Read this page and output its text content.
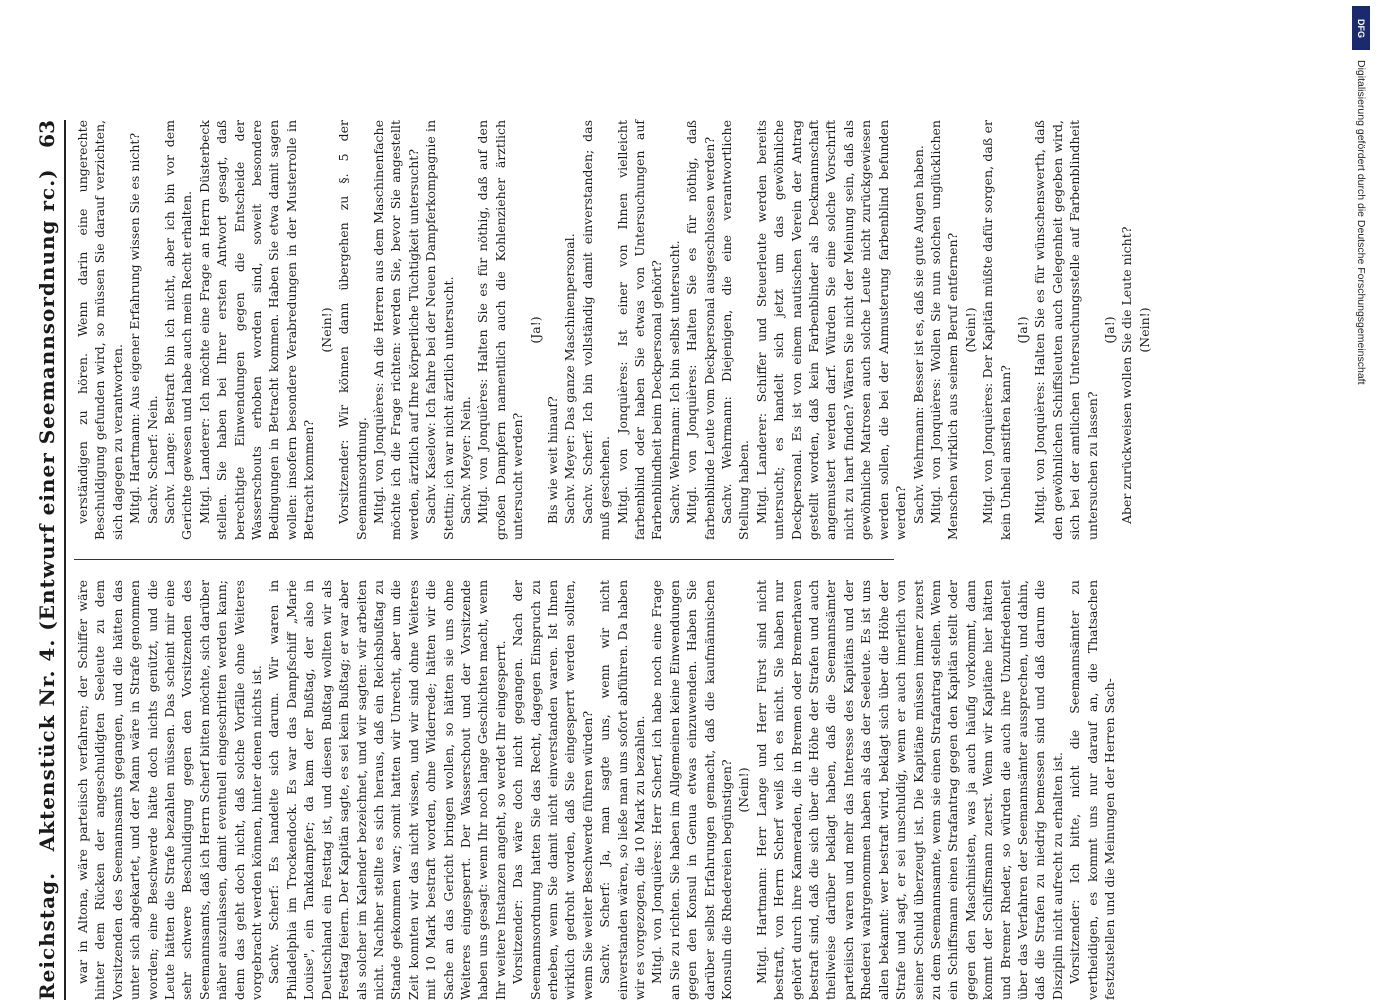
DFG
Digitalisierung gefördert durch die Deutsche Forschungsgemeinschaft
Reichstag.
Aktenstück Nr. 4. (Entwurf einer Seemannsordnung rc.)
63

war in Altona, wäre parteiisch verfahren; der Schiffer wäre hinter dem Rücken der angeschuldigten Seeleute zu dem Vorsitzenden des Seemannsamts gegangen, und die hätten das unter sich abgekartet, und der Mann wäre in Strafe genommen worden; eine Beschwerde hätte doch nichts genützt, und die Leute hätten die Strafe bezahlen müssen. Das scheint mir eine sehr schwere Beschuldigung gegen den Vorsitzenden des Seemannsamts, daß ich Herrn Scherf bitten möchte, sich darüber näher auszulassen, damit eventuell eingeschritten werden kann; denn das geht doch nicht, daß solche Vorfälle ohne Weiteres vorgebracht werden können, hinter denen nichts ist. Sachv. Scherf: Es handelte sich darum. Wir waren in Philadelphia im Trockendock. Es war das Dampfschiff „Marie Louise", ein Tankdampfer; da kam der Bußtag, der also in Deutschland ein Festtag ist, und diesen Bußtag wollten wir als Festtag feiern. Der Kapitän sagte, es sei kein Bußtag; er war aber als solcher im Kalender bezeichnet, und wir sagten: wir arbeiten nicht. Nachher stellte es sich heraus, daß ein Reichsbußtag zu Stande gekommen war; somit hatten wir Unrecht, aber um die Zeit konnten wir das nicht wissen, und wir sind ohne Weiteres mit 10 Mark bestraft worden, ohne Widerrede; hätten wir die Sache an das Gericht bringen wollen, so hätten sie uns ohne Weiteres eingesperrt. Der Wasserschout und der Vorsitzende haben uns gesagt: wenn Ihr noch lange Geschichten macht, wenn Ihr weitere Instanzen angeht, so werdet Ihr eingesperrt. Vorsitzender: Das wäre doch nicht gegangen. Nach der Seemannsordnung hatten Sie das Recht, dagegen Einspruch zu erheben, wenn Sie damit nicht einverstanden waren. Ist Ihnen wirklich gedroht worden, daß Sie eingesperrt werden sollten, wenn Sie weiter Beschwerde führen würden? Sachv. Scherf: Ja, man sagte uns, wenn wir nicht einverstanden wären, so ließe man uns sofort abführen. Da haben wir es vorgezogen, die 10 Mark zu bezahlen. Mitgl. von Jonquières: Herr Scherf, ich habe noch eine Frage an Sie zu richten. Sie haben im Allgemeinen keine Einwendungen gegen den Konsul in Genua etwas einzuwenden. Haben Sie darüber selbst Erfahrungen gemacht, daß die kaufmännischen Konsuln die Rhedereien begünstigen? (Nein!) Mitgl. Hartmann: Herr Lange und Herr Fürst sind nicht bestraft, von Herrn Scherf weiß ich es nicht. Sie haben nur gehört durch ihre Kameraden, die in Bremen oder Bremerhaven bestraft sind, daß die sich über die Höhe der Strafen und auch theilweise darüber beklagt haben, daß die Seemannsämter parteiisch waren und mehr das Interesse des Kapitäns und der Rhederei wahrgenommen haben als das der Seeleute. Es ist uns allen bekannt: wer bestraft wird, beklagt sich über die Höhe der Strafe und sagt, er sei unschuldig, wenn er auch innerlich von seiner Schuld überzeugt ist. Die Kapitäne müssen immer zuerst zu dem Seemannsamte, wenn sie einen Strafantrag stellen. Wenn ein Schiffsmann einen Strafantrag gegen den Kapitän stellt oder gegen den Maschinisten, was ja auch häufig vorkommt, dann kommt der Schiffsmann zuerst. Wenn wir Kapitäne hier hätten und Bremer Rheder, so würden die auch ihre Unzufriedenheit über das Verfahren der Seemannsämter aussprechen, und dahin, daß die Strafen zu niedrig bemessen sind und daß darum die Disziplin nicht aufrecht zu erhalten ist. Vorsitzender: Ich bitte, nicht die Seemannsämter zu vertheidigen, es kommt uns nur darauf an, die Thatsachen festzustellen und die Meinungen der Herren Sach-

verständigen zu hören. Wenn darin eine ungerechte Beschuldigung gefunden wird, so müssen Sie darauf verzichten, sich dagegen zu verantworten. Mitgl. Hartmann: Aus eigener Erfahrung wissen Sie es nicht? Sachv. Scherf: Nein. Sachv. Lange: Bestraft bin ich nicht, aber ich bin vor dem Gerichte gewesen und habe auch mein Recht erhalten. Mitgl. Landerer: Ich möchte eine Frage an Herrn Düsterbeck stellen. Sie haben bei Ihrer ersten Antwort gesagt, daß berechtigte Einwendungen gegen die Entscheide der Wasserschouts erhoben worden sind, soweit besondere Bedingungen in Betracht kommen. Haben Sie etwa damit sagen wollen: insofern besondere Verabredungen in der Musterrolle in Betracht kommen?

(Nein!) Vorsitzender: Wir können dann übergehen zu §. 5 der Seemannsordnung. Mitgl. von Jonquières: An die Herren aus dem Maschinenfache möchte ich die Frage richten: werden Sie, bevor Sie angestellt werden, ärztlich auf Ihre körperliche Tüchtigkeit untersucht? Sachv. Kaselow: Ich fahre bei der Neuen Dampferkompagnie in Stettin; ich war nicht ärztlich untersucht. Sachv. Meyer: Nein. Mitgl. von Jonquières: Halten Sie es für nöthig, daß auf den großen Dampfern namentlich auch die Kohlenzieher ärztlich untersucht werden?

(Ja!)

Bis wie weit hinauf? Sachv. Meyer: Das ganze Maschinenpersonal. Sachv. Scherf: Ich bin vollständig damit einverstanden; das muß geschehen. Mitgl. von Jonquières: Ist einer von Ihnen vielleicht farbenblind oder haben Sie etwas von Untersuchungen auf Farbenblindheit beim Deckpersonal gehört? Sachv. Wehrmann: Ich bin selbst untersucht. Mitgl. von Jonquières: Halten Sie es für nöthig, daß farbenblinde Leute vom Deckpersonal ausgeschlossen werden? Sachv. Wehrmann: Diejenigen, die eine verantwortliche Stellung haben. Mitgl. Landerer: Schiffer und Steuerleute werden bereits untersucht; es handelt sich jetzt um das gewöhnliche Deckpersonal. Es ist von einem nautischen Verein der Antrag gestellt worden, daß kein Farbenblinder als Deckmannschaft angemustert werden darf. Würden Sie eine solche Vorschrift nicht zu hart finden? Wären Sie nicht der Meinung sein, daß als gewöhnliche Matrosen auch solche Leute nicht zurückgewiesen werden sollen, die bei der Anmusterung farbenblind befunden werden? Sachv. Wehrmann: Besser ist es, daß sie gute Augen haben. Mitgl. von Jonquières: Wollen Sie nun solchen unglücklichen Menschen wirklich aus seinem Beruf entfernen? (Nein!) Mitgl. von Jonquières: Der Kapitän müßte dafür sorgen, daß er kein Unheil anstiften kann?

(Ja!) Mitgl. von Jonquières: Halten Sie es für wünschenswerth, daß den gewöhnlichen Schiffsleuten auch Gelegenheit gegeben wird, sich bei der amtlichen Untersuchungsstelle auf Farbenblindheit untersuchen zu lassen?

(Ja!) Aber zurückweisen wollen Sie die Leute nicht? (Nein!)
